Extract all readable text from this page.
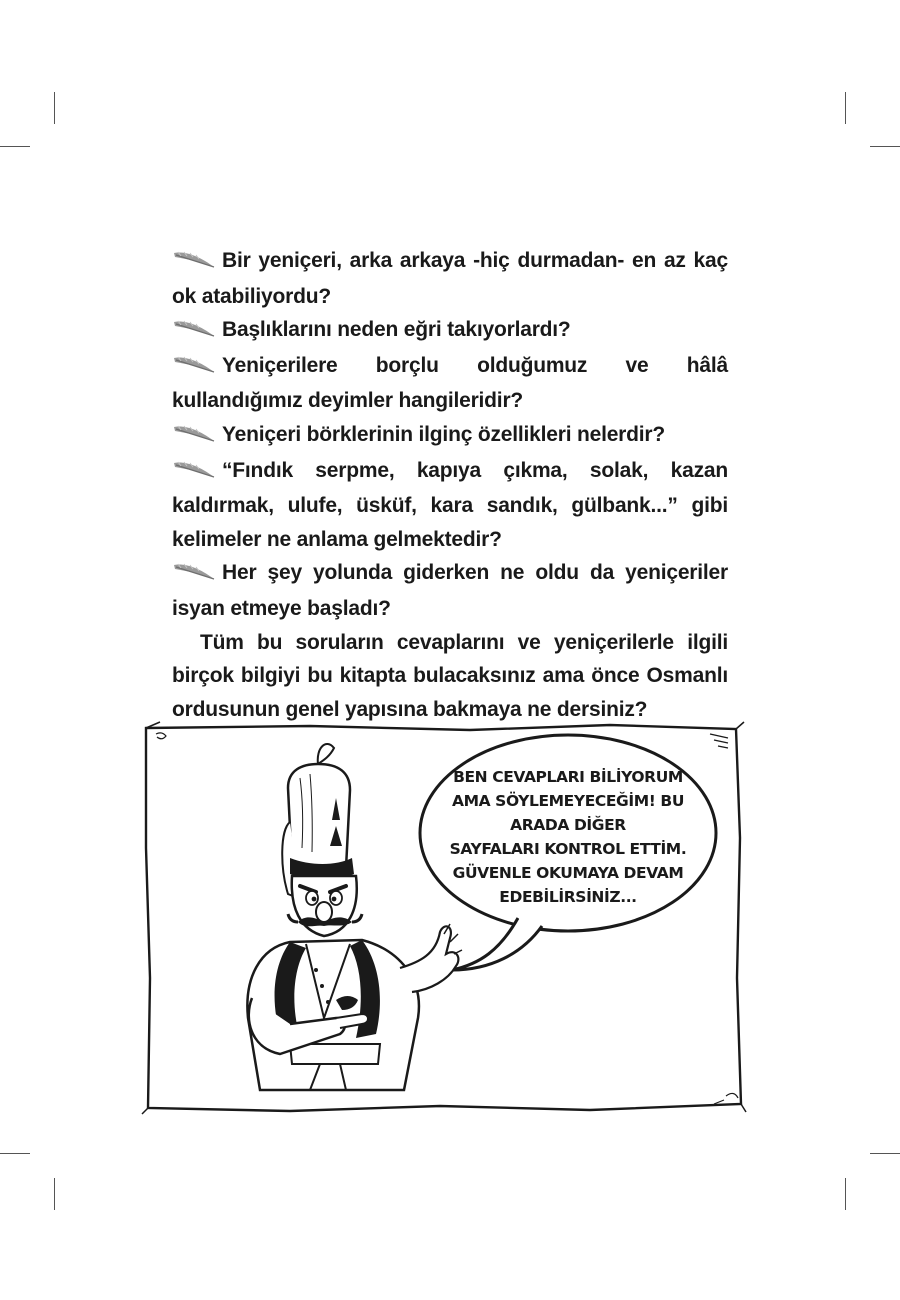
Bir yeniçeri, arka arkaya -hiç durmadan- en az kaç ok atabiliyordu?

Başlıklarını neden eğri takıyorlardı?

Yeniçerilere borçlu olduğumuz ve hâlâ kullandığımız deyimler hangileridir?

Yeniçeri börklerinin ilginç özellikleri nelerdir?

“Fındık serpme, kapıya çıkma, solak, kazan kaldırmak, ulufe, üsküf, kara sandık, gülbank...” gibi kelimeler ne anlama gelmektedir?

Her şey yolunda giderken ne oldu da yeniçeriler isyan etmeye başladı?

Tüm bu soruların cevaplarını ve yeniçerilerle ilgili birçok bilgiyi bu kitapta bulacaksınız ama önce Osmanlı ordusunun genel yapısına bakmaya ne dersiniz?

BEN CEVAPLARI BİLİYORUM
AMA SÖYLEMEYECEĞİM! BU
ARADA DİĞER
SAYFALARI KONTROL ETTİM.
GÜVENLE OKUMAYA DEVAM
EDEBİLİRSİNİZ...
